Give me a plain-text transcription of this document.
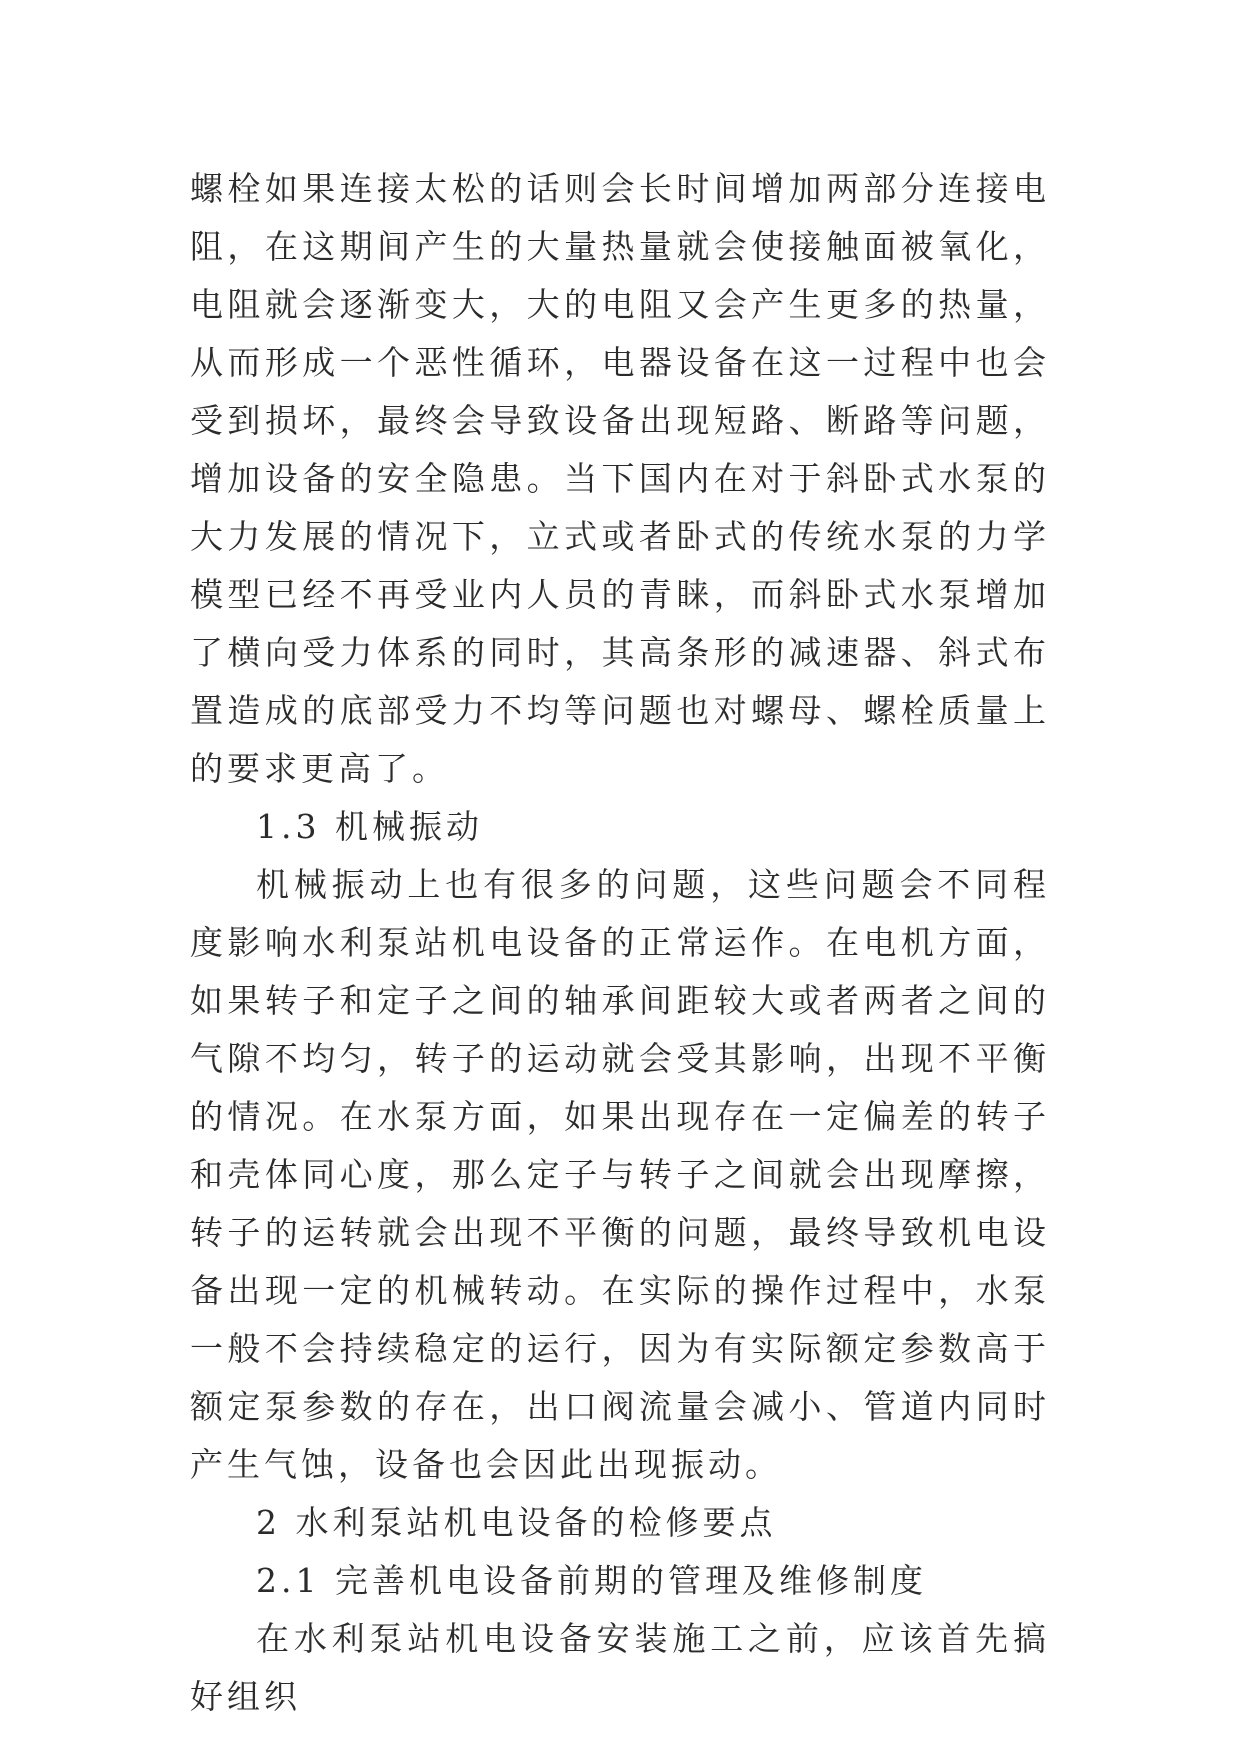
螺栓如果连接太松的话则会长时间增加两部分连接电阻，在这期间产生的大量热量就会使接触面被氧化，电阻就会逐渐变大，大的电阻又会产生更多的热量，从而形成一个恶性循环，电器设备在这一过程中也会受到损坏，最终会导致设备出现短路、断路等问题，增加设备的安全隐患。当下国内在对于斜卧式水泵的大力发展的情况下，立式或者卧式的传统水泵的力学模型已经不再受业内人员的青睐，而斜卧式水泵增加了横向受力体系的同时，其高条形的减速器、斜式布置造成的底部受力不均等问题也对螺母、螺栓质量上的要求更高了。

1.3 机械振动

机械振动上也有很多的问题，这些问题会不同程度影响水利泵站机电设备的正常运作。在电机方面，如果转子和定子之间的轴承间距较大或者两者之间的气隙不均匀，转子的运动就会受其影响，出现不平衡的情况。在水泵方面，如果出现存在一定偏差的转子和壳体同心度，那么定子与转子之间就会出现摩擦，转子的运转就会出现不平衡的问题，最终导致机电设备出现一定的机械转动。在实际的操作过程中，水泵一般不会持续稳定的运行，因为有实际额定参数高于额定泵参数的存在，出口阀流量会减小、管道内同时产生气蚀，设备也会因此出现振动。

2 水利泵站机电设备的检修要点

2.1 完善机电设备前期的管理及维修制度

在水利泵站机电设备安装施工之前，应该首先搞好组织
